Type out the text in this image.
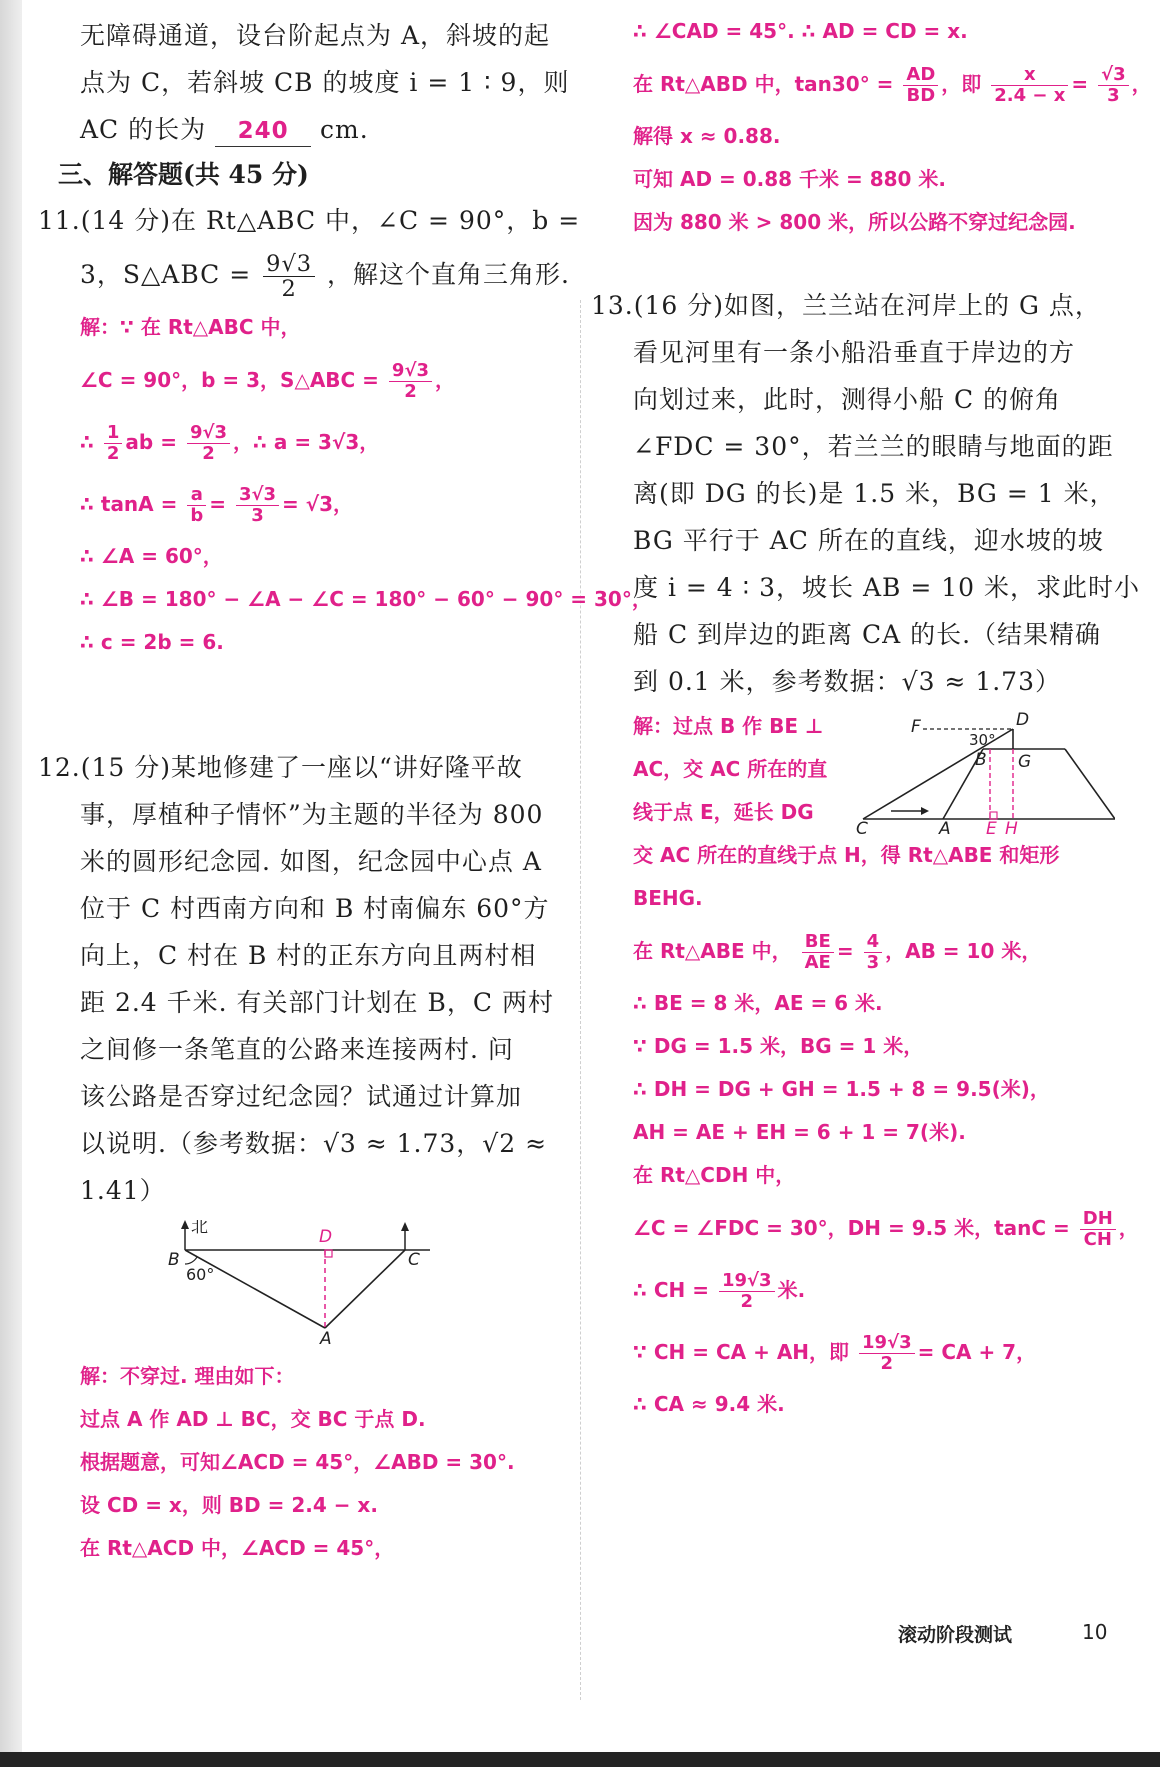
无障碍通道，设台阶起点为 A，斜坡的起
点为 C，若斜坡 CB 的坡度 i = 1 ∶ 9，则
AC 的长为 240 cm.
三、解答题(共 45 分)
11.(14 分)在 Rt△ABC 中，∠C = 90°，b =
3，S△ABC = $\frac{9√3}{2}$ ，解这个直角三角形.
解：∵ 在 Rt△ABC 中，
∠C = 90°，b = 3，S△ABC = $\frac{9√3}{2}$ ，
∴ $\frac{1}{2}$ ab = $\frac{9√3}{2}$ ，∴ a = 3√3，
∴ $\tan A = \frac{a}{b} = \frac{3√3}{3} = √3$，
∴ ∠A = 60°，
∴ ∠B = 180° − ∠A − ∠C = 180° − 60° − 90° = 30°，
∴ c = 2b = 6.
12.(15 分)某地修建了一座以“讲好隆平故
事，厚植种子情怀”为主题的半径为 800
米的圆形纪念园. 如图，纪念园中心点 A
位于 C 村西南方向和 B 村南偏东 60°方
向上，C 村在 B 村的正东方向且两村相
距 2.4 千米. 有关部门计划在 B，C 两村
之间修一条笔直的公路来连接两村. 问
该公路是否穿过纪念园？试通过计算加
以说明.（参考数据：√3 ≈ 1.73，√2 ≈
1.41）
北
B
D
C
A
60°
解：不穿过. 理由如下：
过点 A 作 AD ⊥ BC，交 BC 于点 D.
根据题意，可知∠ACD = 45°，∠ABD = 30°.
设 CD = x，则 BD = 2.4 − x.
在 Rt△ACD 中，∠ACD = 45°，
∴ ∠CAD = 45°. ∴ AD = CD = x.
在 Rt△ABD 中，$\tan 30^\circ = \frac{AD}{BD}$ ，即 $\frac{x}{2.4 - x} = \frac{√3}{3}$ ，
解得 x ≈ 0.88.
可知 AD = 0.88 千米 = 880 米.
因为 880 米 > 800 米，所以公路不穿过纪念园.
13.(16 分)如图，兰兰站在河岸上的 G 点，
看见河里有一条小船沿垂直于岸边的方
向划过来，此时，测得小船 C 的俯角
∠FDC = 30°，若兰兰的眼睛与地面的距
离(即 DG 的长)是 1.5 米，BG = 1 米，
BG 平行于 AC 所在的直线，迎水坡的坡
度 i = 4 ∶ 3，坡长 AB = 10 米，求此时小
船 C 到岸边的距离 CA 的长.（结果精确
到 0.1 米，参考数据：√3 ≈ 1.73）
解：过点 B 作 BE ⊥
AC，交 AC 所在的直
线于点 E，延长 DG
F	D
30°
B G
C	A E H
交 AC 所在的直线于点 H，得 Rt△ABE 和矩形
BEHG.
在 Rt△ABE 中， $\frac{BE}{AE} = \frac{4}{3}$ ，AB = 10 米，
∴ BE = 8 米，AE = 6 米.
∵ DG = 1.5 米，BG = 1 米，
∴ DH = DG + GH = 1.5 + 8 = 9.5(米)，
AH = AE + EH = 6 + 1 = 7(米).
在 Rt△CDH 中，
∠C = ∠FDC = 30°，DH = 9.5 米，$\tan C = \frac{DH}{CH}$ ，
∴ CH = $\frac{19√3}{2}$ 米.
∵ CH = CA + AH，即 $\frac{19√3}{2}$ = CA + 7，
∴ CA ≈ 9.4 米.
滚动阶段测试	10
